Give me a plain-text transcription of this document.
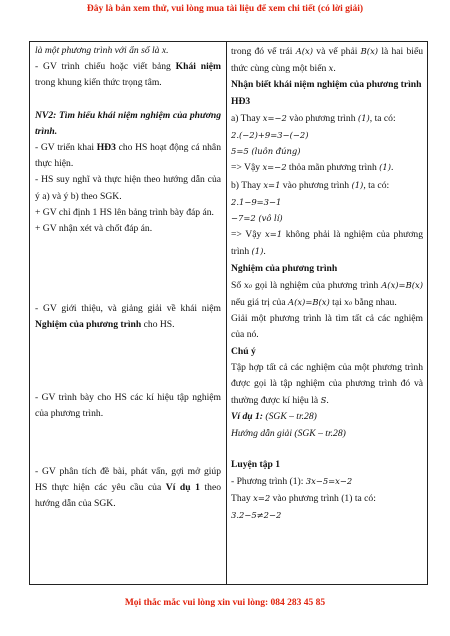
Đây là bản xem thử, vui lòng mua tài liệu để xem chi tiết (có lời giải)

là một phương trình với ẩn số là x.

- GV trình chiếu hoặc viết bảng Khái niệm trong khung kiến thức trọng tâm.

NV2: Tìm hiểu khái niệm nghiệm của phương trình.

- GV triển khai HĐ3 cho HS hoạt động cá nhân thực hiện.

- HS suy nghĩ và thực hiện theo hướng dẫn của ý a) và ý b) theo SGK.

+ GV chỉ định 1 HS lên bảng trình bày đáp án.

+ GV nhận xét và chốt đáp án.

- GV giới thiệu, và giảng giải về khái niệm Nghiệm của phương trình cho HS.

- GV trình bày cho HS các kí hiệu tập nghiệm của phương trình.

- GV phân tích đề bài, phát vấn, gợi mở giúp HS thực hiện các yêu cầu của Ví dụ 1 theo hướng dẫn của SGK.

trong đó vế trái A(x) và vế phải B(x) là hai biểu thức cùng cùng một biến x.

Nhận biết khái niệm nghiệm của phương trình

HĐ3

a) Thay x=−2 vào phương trình (1), ta có:

2.(−2)+9=3−(−2)

5=5 (luôn đúng)

=> Vậy x=−2 thỏa mãn phương trình (1).

b) Thay x=1 vào phương trình (1), ta có:

2.1−9=3−1

−7=2 (vô lí)

=> Vậy x=1 không phải là nghiệm của phương trình (1).

Nghiệm của phương trình

Số x₀ gọi là nghiệm của phương trình A(x)=B(x) nếu giá trị của A(x)=B(x) tại x₀ bằng nhau.

Giải một phương trình là tìm tất cả các nghiệm của nó.

Chú ý

Tập hợp tất cả các nghiệm của một phương trình được gọi là tập nghiệm của phương trình đó và thường được kí hiệu là S.

Ví dụ 1: (SGK – tr.28)

Hướng dẫn giải (SGK – tr.28)

Luyện tập 1

- Phương trình (1): 3x−5=x−2

Thay x=2 vào phương trình (1) ta có:

3.2−5≠2−2

Mọi thắc mắc vui lòng xin vui lòng: 084 283 45 85
